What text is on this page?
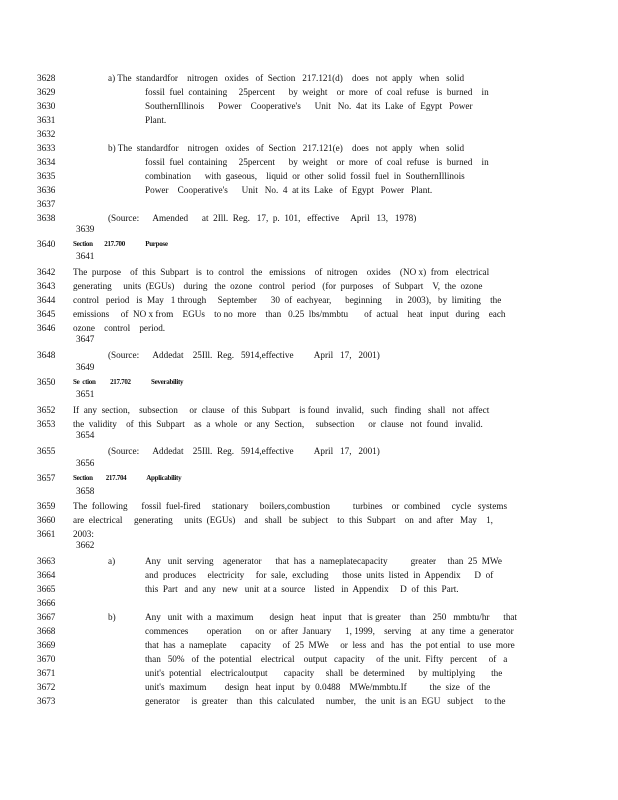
3628	a) The  standardfor    nitrogen   oxides   of  Section   217.121(d)    does   not  apply   when   solid
3629	fossil  fuel  containing     25percent      by  weight    or  more   of  coal  refuse   is  burned    in
3630	SouthernIllinois      Power    Cooperative's      Unit   No.  4at  its  Lake  of  Egypt   Power
3631	Plant.
3632
3633	b) The  standardfor    nitrogen   oxides   of  Section   217.121(e)    does   not  apply   when   solid
3634	fossil  fuel  containing     25percent      by  weight    or  more   of  coal  refuse   is  burned    in
3635	combination      with  gaseous,    liquid  or  other  solid  fossil  fuel  in  SouthernIllinois
3636	Power    Cooperative's      Unit   No.  4  at its  Lake   of  Egypt   Power   Plant.
3637
3638	(Source:      Amended      at  2Ill.  Reg.   17,  p.  101,   effective     April   13,   1978)
3639
3640	Section        217.700              Purpose
3641
3642	The  purpose    of  this  Subpart   is  to  control   the   emissions    of  nitrogen    oxides    (NO x)  from   electrical
3643	generating     units  (EGUs)    during   the  ozone   control   period   (for  purposes    of  Subpart    V,  the  ozone
3644	control   period   is  May   1 through     September      30  of  eachyear,      beginning      in  2003),   by  limiting    the
3645	emissions     of  NO x from    EGUs    to no  more    than   0.25  lbs/mmbtu       of  actual    heat   input   during    each
3646	ozone    control    period.
3647
3648	(Source:      Addedat    25Ill.  Reg.   5914,effective         April   17,   2001)
3649
3650	Se  ction          217.702              Severability
3651
3652	If  any  section,    subsection     or  clause   of  this  Subpart    is found   invalid,   such   finding   shall   not  affect
3653	the  validity    of  this  Subpart    as  a  whole   or  any  Section,     subsection      or  clause   not  found   invalid.
3654
3655	(Source:      Addedat    25Ill.  Reg.   5914,effective         April   17,   2001)
3656
3657	Section         217.704              Applicability
3658
3659	The  following      fossil  fuel-fired     stationary     boilers,combustion          turbines    or  combined     cycle   systems
3660	are  electrical     generating     units  (EGUs)    and   shall   be  subject    to  this  Subpart    on  and  after   May    1,
3661	2003:
3662
3663	Any   unit  serving    agenerator      that  has  a  nameplatecapacity          greater     than  25  MWe
3664	and  produces     electricity     for  sale,  excluding      those  units  listed  in  Appendix      D  of
3665	this  Part   and  any   new   unit  at a  source    listed   in  Appendix     D  of  this  Part.
3666
3667	Any   unit  with  a  maximum       design   heat   input   that  is greater    than   250   mmbtu/hr      that
3668	commences        operation      on  or  after  January      1, 1999,    serving    at  any  time  a  generator
3669	that  has  a  nameplate      capacity     of  25  MWe     or  less  and   has   the  pot ential   to  use  more
3670	than   50%   of  the  potential    electrical    output   capacity     of  the  unit.  Fifty   percent     of   a
3671	unit's  potential    electricaloutput       capacity     shall   be  determined      by  multiplying       the
3672	unit's  maximum        design   heat  input   by  0.0488    MWe/mmbtu.If          the  size   of  the
3673	generator     is  greater    than   this  calculated     number,    the  unit  is an  EGU   subject     to the
a)
b)
